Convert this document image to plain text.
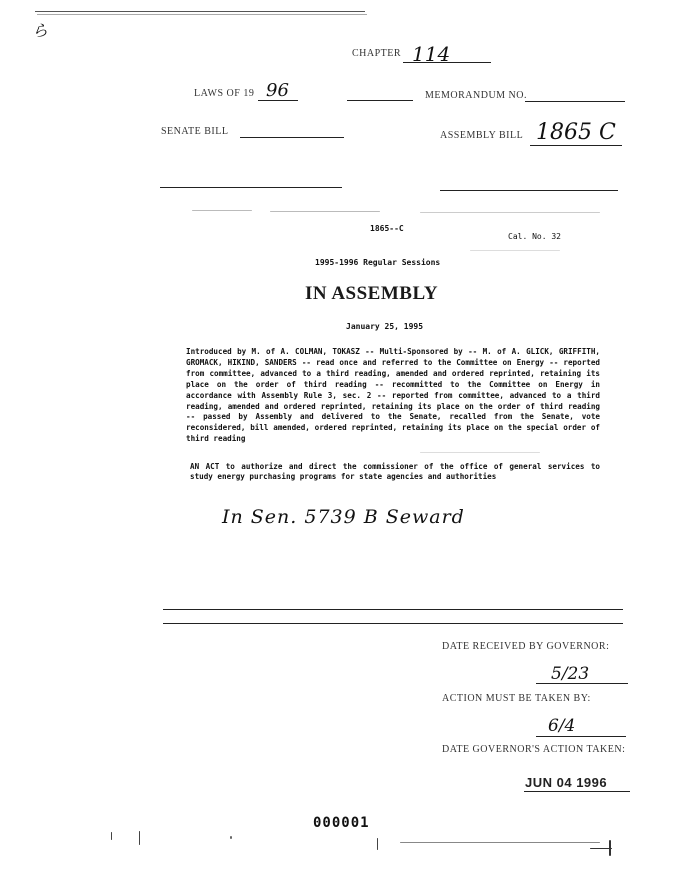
ら
CHAPTER 114
LAWS OF 19 96	MEMORANDUM NO.
SENATE BILL	ASSEMBLY BILL 1865 C
1865--C
Cal. No. 32
1995-1996 Regular Sessions
IN ASSEMBLY
January 25, 1995
Introduced by M. of A. COLMAN, TOKASZ -- Multi-Sponsored by -- M. of A. GLICK, GRIFFITH, GROMACK, HIKIND, SANDERS -- read once and referred to the Committee on Energy -- reported from committee, advanced to a third reading, amended and ordered reprinted, retaining its place on the order of third reading -- recommitted to the Committee on Energy in accordance with Assembly Rule 3, sec. 2 -- reported from committee, advanced to a third reading, amended and ordered reprinted, retaining its place on the order of third reading -- passed by Assembly and delivered to the Senate, recalled from the Senate, vote reconsidered, bill amended, ordered reprinted, retaining its place on the special order of third reading
AN ACT to authorize and direct the commissioner of the office of general services to study energy purchasing programs for state agencies and authorities
In Sen. 5739 B Seward
DATE RECEIVED BY GOVERNOR:
5/23
ACTION MUST BE TAKEN BY:
6/4
DATE GOVERNOR'S ACTION TAKEN:
JUN 04 1996
000001
